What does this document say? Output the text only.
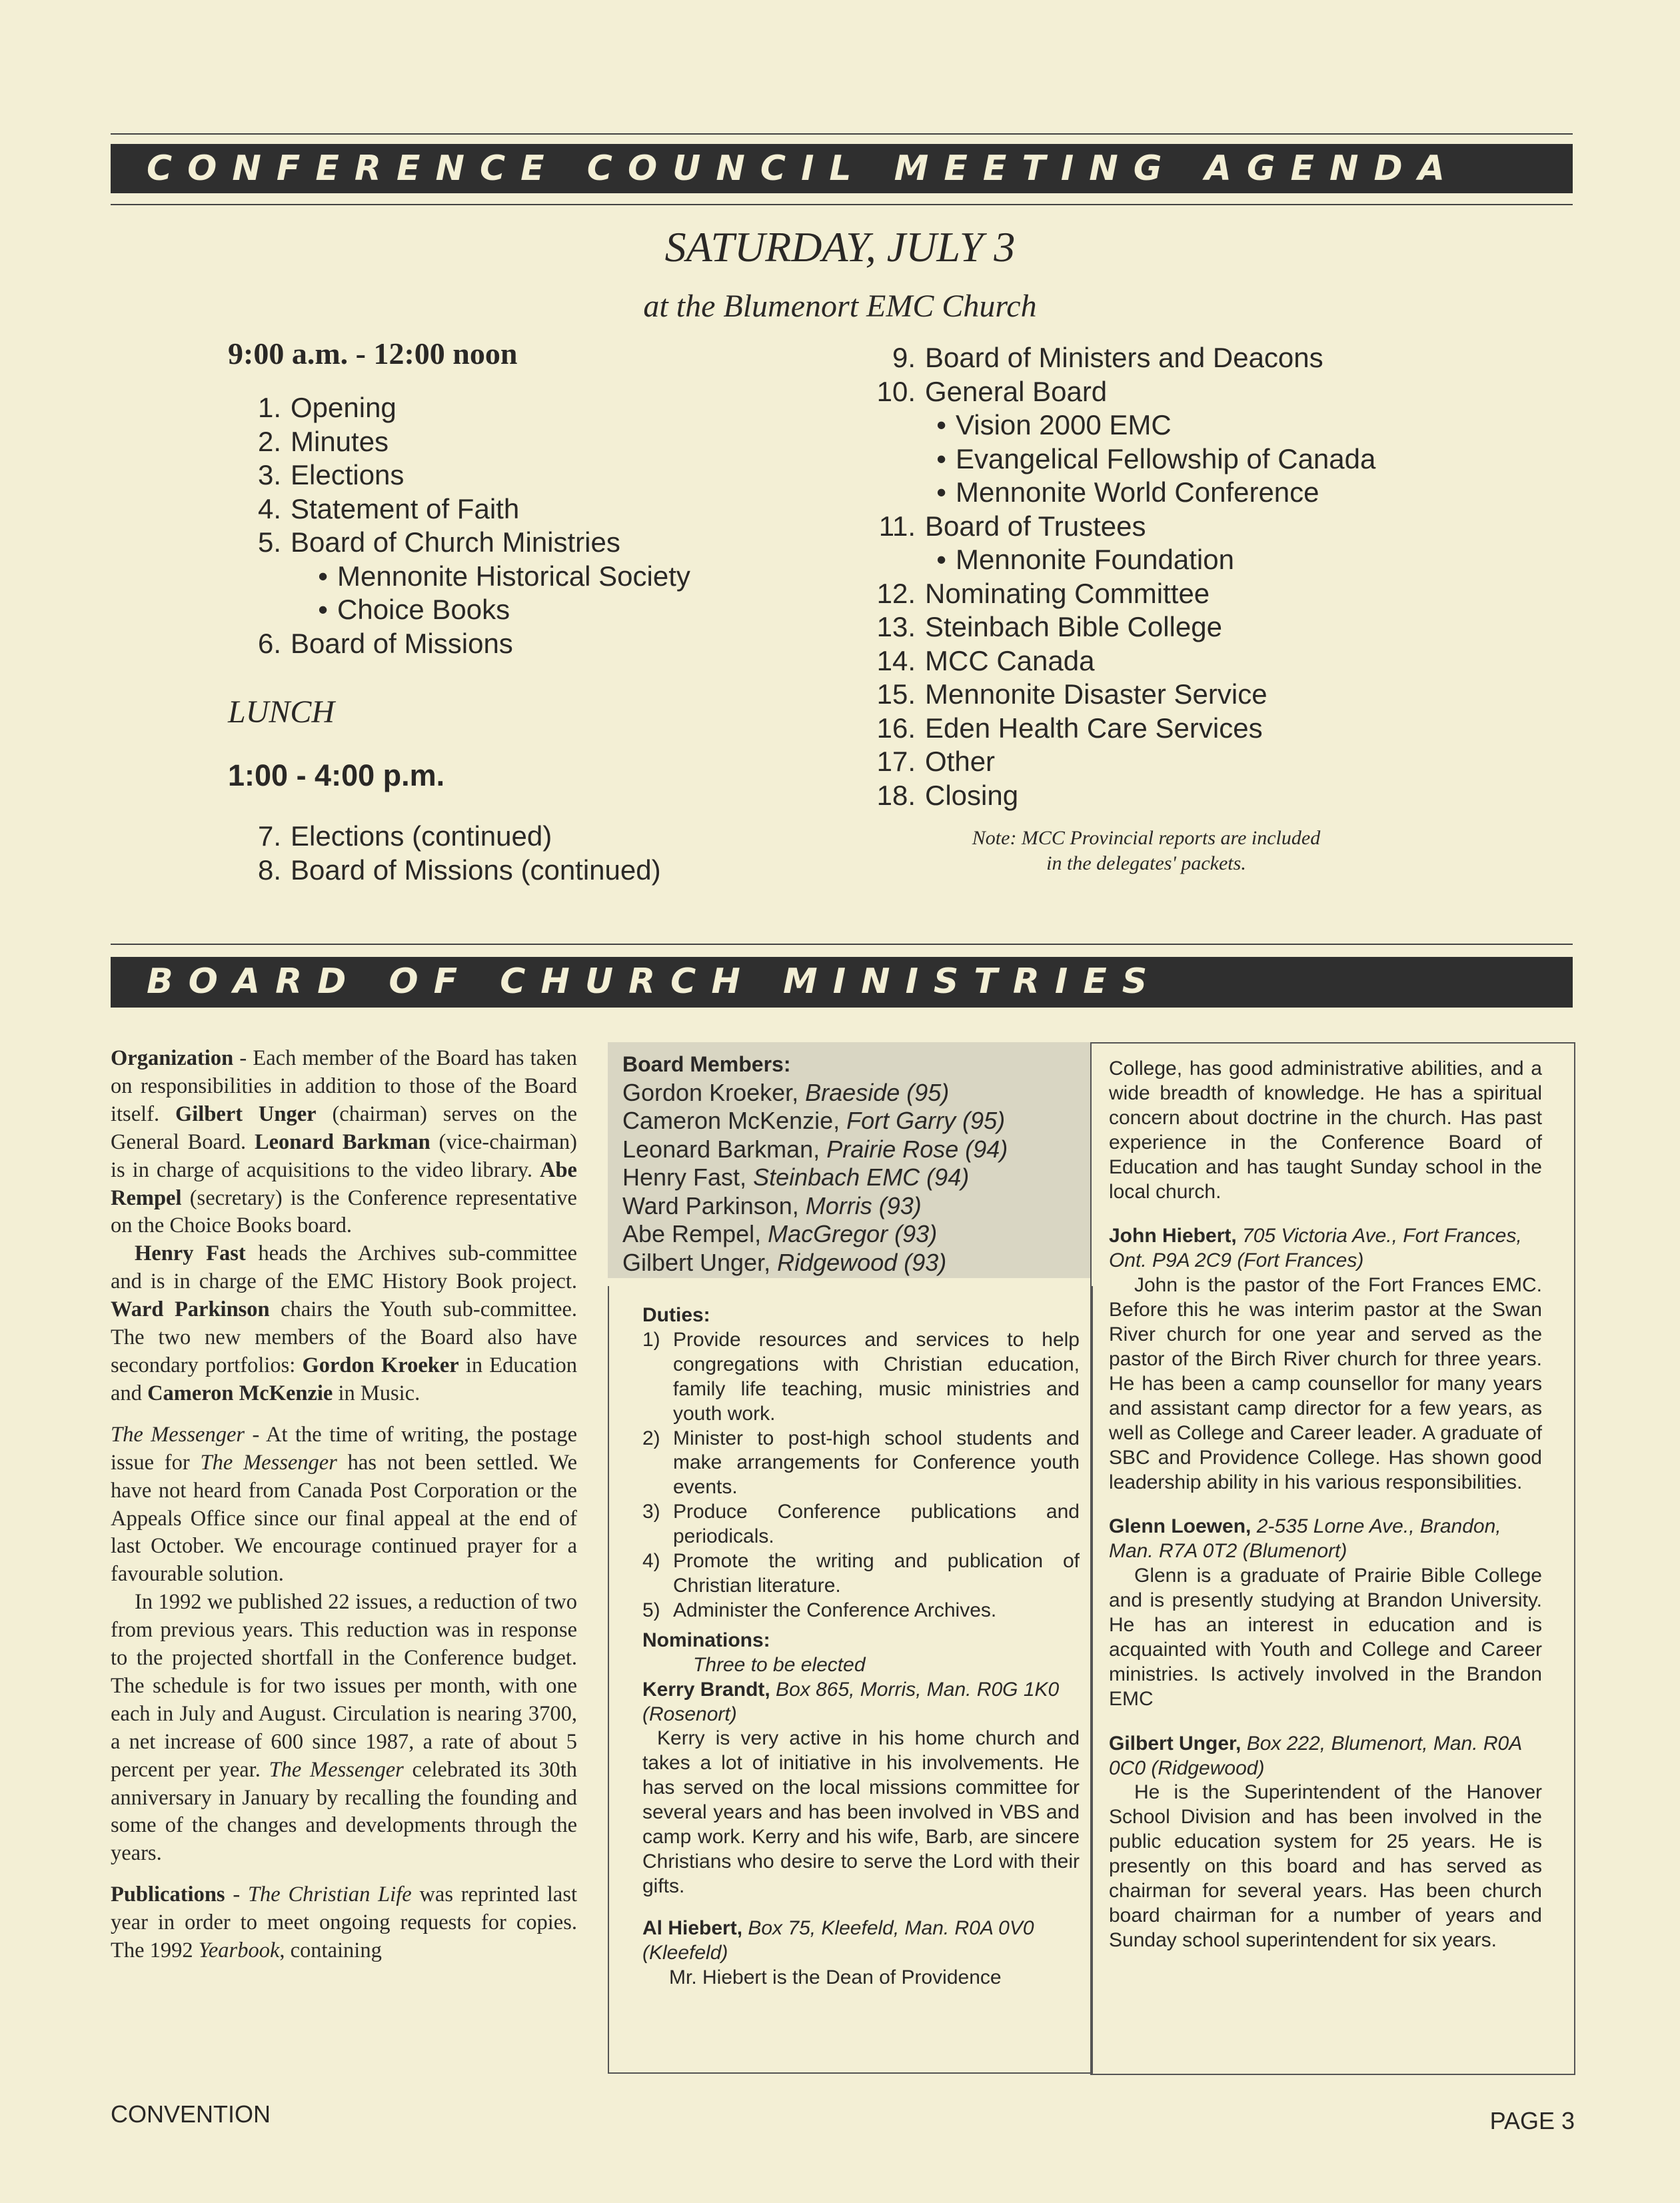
CONFERENCE COUNCIL MEETING AGENDA
SATURDAY, JULY 3
at the Blumenort EMC Church
9:00 a.m. - 12:00 noon
1. Opening
2. Minutes
3. Elections
4. Statement of Faith
5. Board of Church Ministries
• Mennonite Historical Society
• Choice Books
6. Board of Missions
LUNCH
1:00 - 4:00 p.m.
7. Elections (continued)
8. Board of Missions (continued)
9. Board of Ministers and Deacons
10. General Board
• Vision 2000 EMC
• Evangelical Fellowship of Canada
• Mennonite World Conference
11. Board of Trustees
• Mennonite Foundation
12. Nominating Committee
13. Steinbach Bible College
14. MCC Canada
15. Mennonite Disaster Service
16. Eden Health Care Services
17. Other
18. Closing
Note: MCC Provincial reports are included
in the delegates' packets.
BOARD OF CHURCH MINISTRIES

Organization - Each member of the Board has taken on responsibilities in addition to those of the Board itself. Gilbert Unger (chairman) serves on the General Board. Leonard Barkman (vice-chairman) is in charge of acquisitions to the video library. Abe Rempel (secretary) is the Conference representative on the Choice Books board.

Henry Fast heads the Archives sub-committee and is in charge of the EMC History Book project. Ward Parkinson chairs the Youth sub-committee. The two new members of the Board also have secondary portfolios: Gordon Kroeker in Education and Cameron McKenzie in Music.

The Messenger - At the time of writing, the postage issue for The Messenger has not been settled. We have not heard from Canada Post Corporation or the Appeals Office since our final appeal at the end of last October. We encourage continued prayer for a favourable solution.

In 1992 we published 22 issues, a reduction of two from previous years. This reduction was in response to the projected shortfall in the Conference budget. The schedule is for two issues per month, with one each in July and August. Circulation is nearing 3700, a net increase of 600 since 1987, a rate of about 5 percent per year. The Messenger celebrated its 30th anniversary in January by recalling the founding and some of the changes and developments through the years.

Publications - The Christian Life was reprinted last year in order to meet ongoing requests for copies. The 1992 Yearbook, containing

Board Members:
Gordon Kroeker, Braeside (95)
Cameron McKenzie, Fort Garry (95)
Leonard Barkman, Prairie Rose (94)
Henry Fast, Steinbach EMC (94)
Ward Parkinson, Morris (93)
Abe Rempel, MacGregor (93)
Gilbert Unger, Ridgewood (93)

Duties:

1) Provide resources and services to help congregations with Christian education, family life teaching, music ministries and youth work.
2) Minister to post-high school students and make arrangements for Conference youth events.
3) Produce Conference publications and periodicals.
4) Promote the writing and publication of Christian literature.
5) Administer the Conference Archives.

Nominations:

Three to be elected

Kerry Brandt, Box 865, Morris, Man. R0G 1K0 (Rosenort)

Kerry is very active in his home church and takes a lot of initiative in his involvements. He has served on the local missions committee for several years and has been involved in VBS and camp work. Kerry and his wife, Barb, are sincere Christians who desire to serve the Lord with their gifts.

Al Hiebert, Box 75, Kleefeld, Man. R0A 0V0 (Kleefeld)

Mr. Hiebert is the Dean of Providence

College, has good administrative abilities, and a wide breadth of knowledge. He has a spiritual concern about doctrine in the church. Has past experience in the Conference Board of Education and has taught Sunday school in the local church.

John Hiebert, 705 Victoria Ave., Fort Frances, Ont. P9A 2C9 (Fort Frances)

John is the pastor of the Fort Frances EMC. Before this he was interim pastor at the Swan River church for one year and served as the pastor of the Birch River church for three years. He has been a camp counsellor for many years and assistant camp director for a few years, as well as College and Career leader. A graduate of SBC and Providence College. Has shown good leadership ability in his various responsibilities.

Glenn Loewen, 2-535 Lorne Ave., Brandon, Man. R7A 0T2 (Blumenort)

Glenn is a graduate of Prairie Bible College and is presently studying at Brandon University. He has an interest in education and is acquainted with Youth and College and Career ministries. Is actively involved in the Brandon EMC

Gilbert Unger, Box 222, Blumenort, Man. R0A 0C0 (Ridgewood)

He is the Superintendent of the Hanover School Division and has been involved in the public education system for 25 years. He is presently on this board and has served as chairman for several years. Has been church board chairman for a number of years and Sunday school superintendent for six years.

CONVENTION	PAGE 3
